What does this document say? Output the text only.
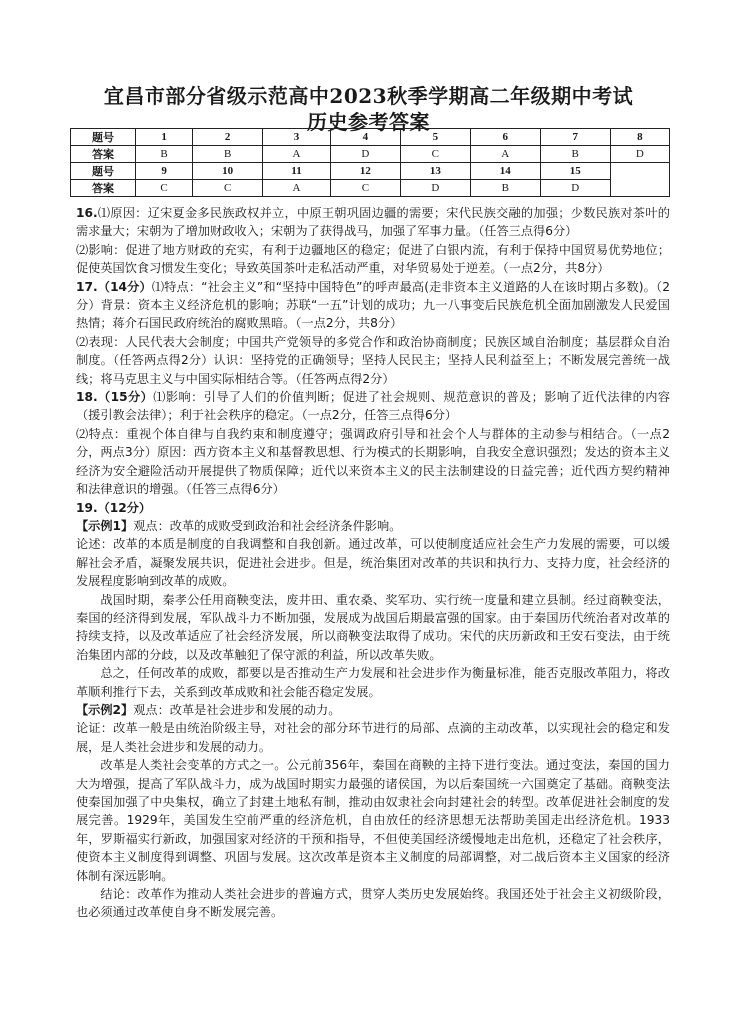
宜昌市部分省级示范高中2023秋季学期高二年级期中考试
历史参考答案
题号	1	2	3	4	5	6	7	8
答案	B	B	A	D	C	A	B	D
题号	9	10	11	12	13	14	15	
答案	C	C	A	C	D	B	D	

16.⑴原因：辽宋夏金多民族政权并立，中原王朝巩固边疆的需要；宋代民族交融的加强；少数民族对茶叶的需求量大；宋朝为了增加财政收入；宋朝为了获得战马，加强了军事力量。（任答三点得6分）

⑵影响：促进了地方财政的充实，有利于边疆地区的稳定；促进了白银内流，有利于保持中国贸易优势地位；促使英国饮食习惯发生变化；导致英国茶叶走私活动严重，对华贸易处于逆差。（一点2分，共8分）

17.（14分）⑴特点：“社会主义”和“坚持中国特色”的呼声最高(走非资本主义道路的人在该时期占多数)。（2分）背景：资本主义经济危机的影响；苏联“一五”计划的成功；九一八事变后民族危机全面加剧激发人民爱国热情；蒋介石国民政府统治的腐败黑暗。（一点2分，共8分）

⑵表现：人民代表大会制度；中国共产党领导的多党合作和政治协商制度；民族区域自治制度；基层群众自治制度。（任答两点得2分）认识：坚持党的正确领导；坚持人民民主；坚持人民利益至上；不断发展完善统一战线；将马克思主义与中国实际相结合等。（任答两点得2分）

18.（15分）⑴影响：引导了人们的价值判断；促进了社会规则、规范意识的普及；影响了近代法律的内容（援引教会法律）；利于社会秩序的稳定。（一点2分，任答三点得6分）

⑵特点：重视个体自律与自我约束和制度遵守；强调政府引导和社会个人与群体的主动参与相结合。（一点2分，两点3分）原因：西方资本主义和基督教思想、行为模式的长期影响，自我安全意识强烈；发达的资本主义经济为安全避险活动开展提供了物质保障；近代以来资本主义的民主法制建设的日益完善；近代西方契约精神和法律意识的增强。（任答三点得6分）

19.（12分）

【示例1】观点：改革的成败受到政治和社会经济条件影响。

论述：改革的本质是制度的自我调整和自我创新。通过改革，可以使制度适应社会生产力发展的需要，可以缓解社会矛盾，凝聚发展共识，促进社会进步。但是，统治集团对改革的共识和执行力、支持力度，社会经济的发展程度影响到改革的成败。

战国时期，秦孝公任用商鞅变法，废井田、重农桑、奖军功、实行统一度量和建立县制。经过商鞅变法，秦国的经济得到发展，军队战斗力不断加强，发展成为战国后期最富强的国家。由于秦国历代统治者对改革的持续支持，以及改革适应了社会经济发展，所以商鞅变法取得了成功。宋代的庆历新政和王安石变法，由于统治集团内部的分歧，以及改革触犯了保守派的利益，所以改革失败。

总之，任何改革的成败，都要以是否推动生产力发展和社会进步作为衡量标准，能否克服改革阻力，将改革顺利推行下去，关系到改革成败和社会能否稳定发展。

【示例2】观点：改革是社会进步和发展的动力。

论证：改革一般是由统治阶级主导，对社会的部分环节进行的局部、点滴的主动改革，以实现社会的稳定和发展，是人类社会进步和发展的动力。

改革是人类社会变革的方式之一。公元前356年，秦国在商鞅的主持下进行变法。通过变法，秦国的国力大为增强，提高了军队战斗力，成为战国时期实力最强的诸侯国，为以后秦国统一六国奠定了基础。商鞅变法使秦国加强了中央集权，确立了封建土地私有制，推动由奴隶社会向封建社会的转型。改革促进社会制度的发展完善。1929年，美国发生空前严重的经济危机，自由放任的经济思想无法帮助美国走出经济危机。1933年，罗斯福实行新政，加强国家对经济的干预和指导，不但使美国经济缓慢地走出危机，还稳定了社会秩序，使资本主义制度得到调整、巩固与发展。这次改革是资本主义制度的局部调整，对二战后资本主义国家的经济体制有深远影响。

结论：改革作为推动人类社会进步的普遍方式，贯穿人类历史发展始终。我国还处于社会主义初级阶段，也必须通过改革使自身不断发展完善。
